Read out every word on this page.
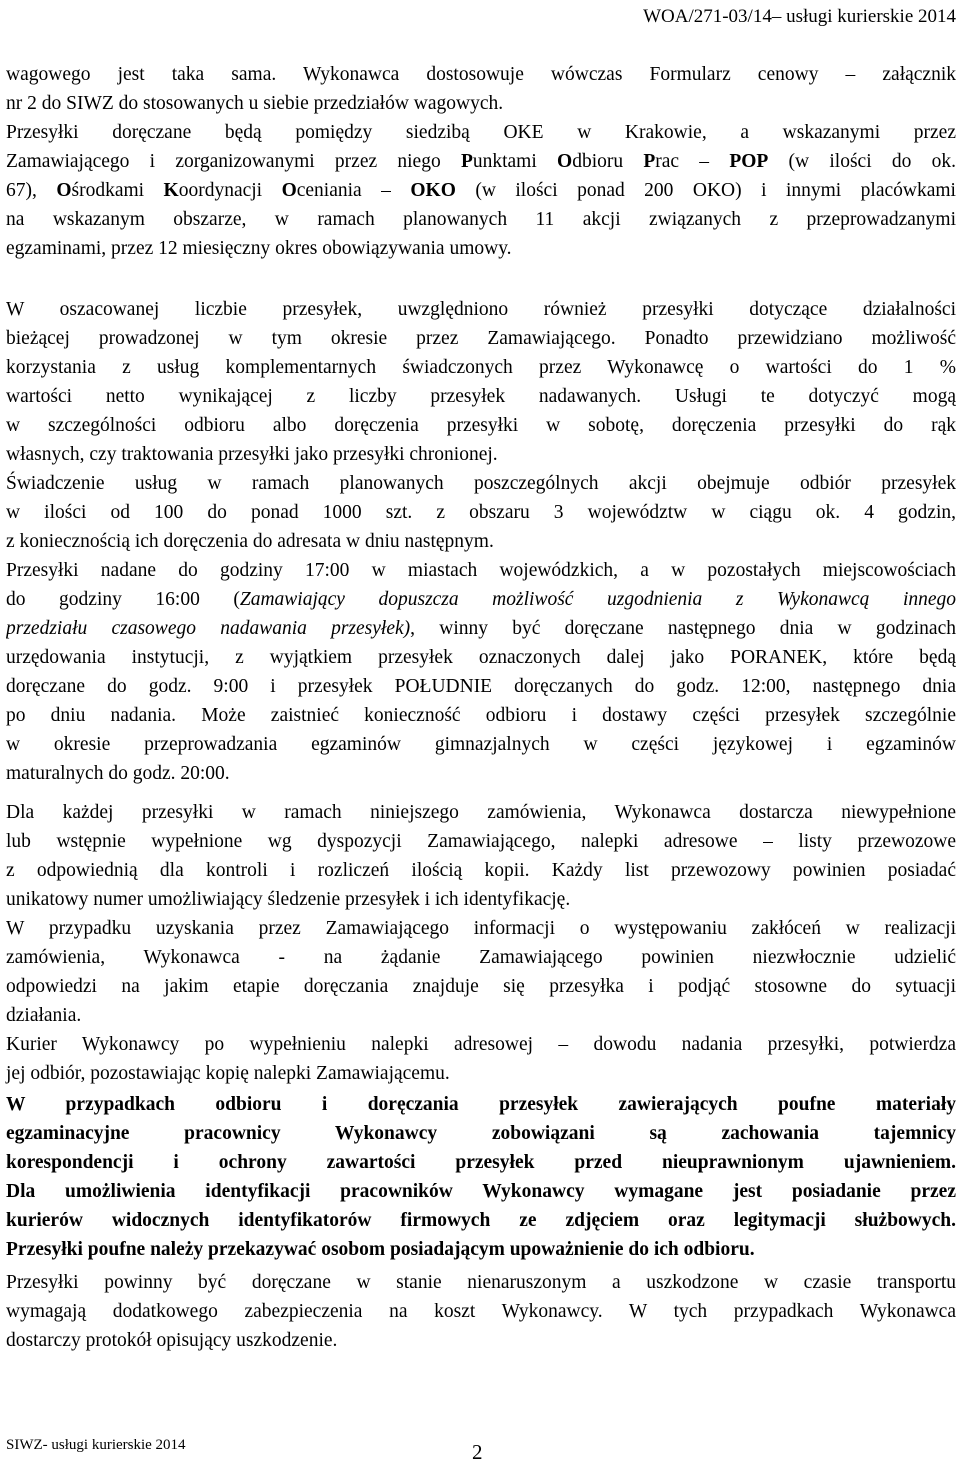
WOA/271-03/14– usługi kurierskie 2014
wagowego jest taka sama. Wykonawca dostosowuje wówczas Formularz cenowy – załącznik
nr 2 do SIWZ do stosowanych u siebie przedziałów wagowych.
Przesyłki doręczane będą pomiędzy siedzibą OKE w Krakowie, a wskazanymi przez
Zamawiającego i zorganizowanymi przez niego Punktami Odbioru Prac – POP (w ilości do ok.
67), Ośrodkami Koordynacji Oceniania – OKO (w ilości ponad 200 OKO) i innymi placówkami
na wskazanym obszarze, w ramach planowanych 11 akcji związanych z przeprowadzanymi
egzaminami, przez 12 miesięczny okres obowiązywania umowy.
W oszacowanej liczbie przesyłek, uwzględniono również przesyłki dotyczące działalności
bieżącej prowadzonej w tym okresie przez Zamawiającego. Ponadto przewidziano możliwość
korzystania z usług komplementarnych świadczonych przez Wykonawcę o wartości do 1 %
wartości netto wynikającej z liczby przesyłek nadawanych. Usługi te dotyczyć mogą
w szczególności odbioru albo doręczenia przesyłki w sobotę, doręczenia przesyłki do rąk
własnych, czy traktowania przesyłki jako przesyłki chronionej.
Świadczenie usług w ramach planowanych poszczególnych akcji obejmuje odbiór przesyłek
w ilości od 100 do ponad 1000 szt. z obszaru 3 województw w ciągu ok. 4 godzin,
z koniecznością ich doręczenia do adresata w dniu następnym.
Przesyłki nadane do godziny 17:00 w miastach wojewódzkich, a w pozostałych miejscowościach
do godziny 16:00 (Zamawiający dopuszcza możliwość uzgodnienia z Wykonawcą innego
przedziału czasowego nadawania przesyłek), winny być doręczane następnego dnia w godzinach
urzędowania instytucji, z wyjątkiem przesyłek oznaczonych dalej jako PORANEK, które będą
doręczane do godz. 9:00 i przesyłek POŁUDNIE doręczanych do godz. 12:00, następnego dnia
po dniu nadania. Może zaistnieć konieczność odbioru i dostawy części przesyłek szczególnie
w okresie przeprowadzania egzaminów gimnazjalnych w części językowej i egzaminów
maturalnych do godz. 20:00.
Dla każdej przesyłki w ramach niniejszego zamówienia, Wykonawca dostarcza niewypełnione
lub wstępnie wypełnione wg dyspozycji Zamawiającego, nalepki adresowe – listy przewozowe
z odpowiednią dla kontroli i rozliczeń ilością kopii. Każdy list przewozowy powinien posiadać
unikatowy numer umożliwiający śledzenie przesyłek i ich identyfikację.
W przypadku uzyskania przez Zamawiającego informacji o występowaniu zakłóceń w realizacji
zamówienia, Wykonawca - na żądanie Zamawiającego powinien niezwłocznie udzielić
odpowiedzi na jakim etapie doręczania znajduje się przesyłka i podjąć stosowne do sytuacji
działania.
Kurier Wykonawcy po wypełnieniu nalepki adresowej – dowodu nadania przesyłki, potwierdza
jej odbiór, pozostawiając kopię nalepki Zamawiającemu.
W przypadkach odbioru i doręczania przesyłek zawierających poufne materiały
egzaminacyjne pracownicy Wykonawcy zobowiązani są zachowania tajemnicy
korespondencji i ochrony zawartości przesyłek przed nieuprawnionym ujawnieniem.
Dla umożliwienia identyfikacji pracowników Wykonawcy wymagane jest posiadanie przez
kurierów widocznych identyfikatorów firmowych ze zdjęciem oraz legitymacji służbowych.
Przesyłki poufne należy przekazywać osobom posiadającym upoważnienie do ich odbioru.
Przesyłki powinny być doręczane w stanie nienaruszonym a uszkodzone w czasie transportu
wymagają dodatkowego zabezpieczenia na koszt Wykonawcy. W tych przypadkach Wykonawca
dostarczy protokół opisujący uszkodzenie.
SIWZ- usługi kurierskie 2014	2
